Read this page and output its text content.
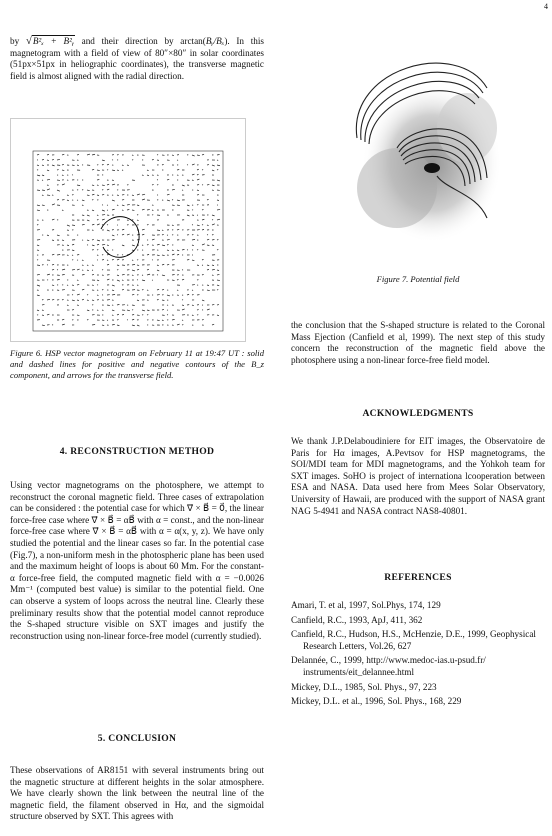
4

by √B²ₓ + B²ᵧ and their direction by arctan(Bᵧ/Bₓ). In this magnetogram with a field of view of 80″×80″ in solar coordinates (51px×51px in heliographic coordinates), the transverse magnetic field is almost aligned with the radial direction.

Figure 6. HSP vector magnetogram on February 11 at 19:47 UT : solid and dashed lines for positive and negative contours of the B_z component, and arrows for the transverse field.

4. RECONSTRUCTION METHOD

Using vector magnetograms on the photosphere, we attempt to reconstruct the coronal magnetic field. Three cases of extrapolation can be considered : the potential case for which ∇⃗ × B⃗ = 0⃗, the linear force-free case where ∇⃗ × B⃗ = αB⃗ with α = const., and the non-linear force-free case where ∇⃗ × B⃗ = αB⃗ with α = α(x, y, z). We have only studied the potential and the linear cases so far. In the potential case (Fig.7), a non-uniform mesh in the photospheric plane has been used and the maximum height of loops is about 60 Mm. For the constant-α force-free field, the computed magnetic field with α = −0.0026 Mm⁻¹ (computed best value) is similar to the potential field. One can observe a system of loops across the neutral line. Clearly these preliminary results show that the potential model cannot reproduce the S-shaped structure visible on SXT images and justify the reconstruction using non-linear force-free model (currently studied).

5. CONCLUSION

These observations of AR8151 with several instruments bring out the magnetic structure at different heights in the solar atmosphere. We have clearly shown the link between the neutral line of the magnetic field, the filament observed in Hα, and the sigmoidal structure observed by SXT. This agrees with

Figure 7. Potential field

the conclusion that the S-shaped structure is related to the Coronal Mass Ejection (Canfield et al, 1999). The next step of this study concern the reconstruction of the magnetic field above the photosphere using a non-linear force-free field model.

ACKNOWLEDGMENTS

We thank J.P.Delaboudiniere for EIT images, the Observatoire de Paris for Hα images, A.Pevtsov for HSP magnetograms, the SOI/MDI team for MDI magnetograms, and the Yohkoh team for SXT images. SoHO is project of internationa lcooperation between ESA and NASA. Data used here from Mees Solar Observatory, University of Hawaii, are produced with the support of NASA grant NAG 5-4941 and NASA contract NAS8-40801.

REFERENCES

Amari, T. et al, 1997, Sol.Phys, 174, 129

Canfield, R.C., 1993, ApJ, 411, 362

Canfield, R.C., Hudson, H.S., McHenzie, D.E., 1999, Geophysical Research Letters, Vol.26, 627

Delannée, C., 1999, http://www.medoc-ias.u-psud.fr/ instruments/eit_delannee.html

Mickey, D.L., 1985, Sol. Phys., 97, 223

Mickey, D.L. et al., 1996, Sol. Phys., 168, 229
